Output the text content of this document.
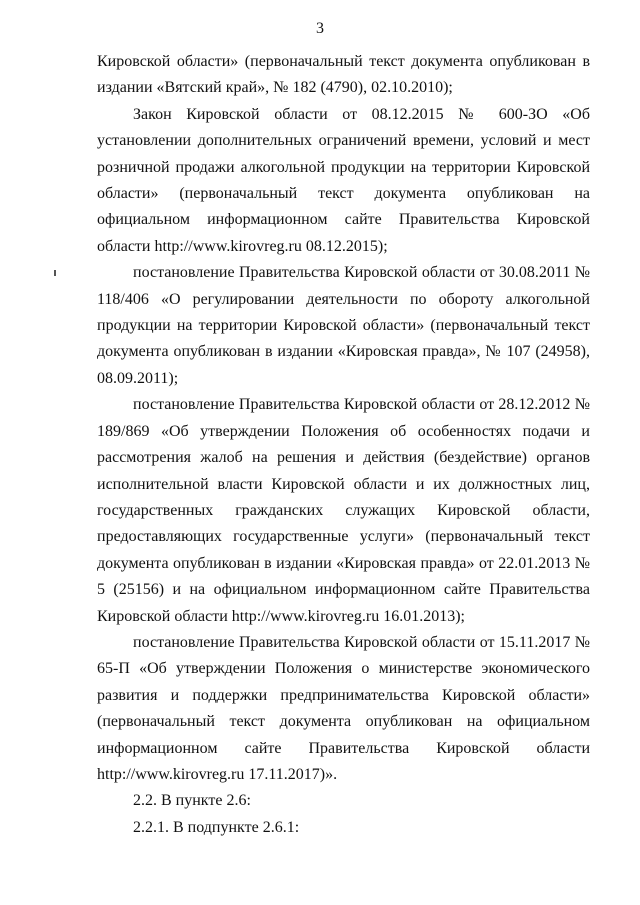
3

Кировской области» (первоначальный текст документа опубликован в издании «Вятский край», № 182 (4790), 02.10.2010);

Закон Кировской области от 08.12.2015 № 600-ЗО «Об установлении дополнительных ограничений времени, условий и мест розничной продажи алкогольной продукции на территории Кировской области» (первоначальный текст документа опубликован на официальном информационном сайте Правительства Кировской области http://www.kirovreg.ru 08.12.2015);

постановление Правительства Кировской области от 30.08.2011 № 118/406 «О регулировании деятельности по обороту алкогольной продукции на территории Кировской области» (первоначальный текст документа опубликован в издании «Кировская правда», № 107 (24958), 08.09.2011);

постановление Правительства Кировской области от 28.12.2012 № 189/869 «Об утверждении Положения об особенностях подачи и рассмотрения жалоб на решения и действия (бездействие) органов исполнительной власти Кировской области и их должностных лиц, государственных гражданских служащих Кировской области, предоставляющих государственные услуги» (первоначальный текст документа опубликован в издании «Кировская правда» от 22.01.2013 № 5 (25156) и на официальном информационном сайте Правительства Кировской области http://www.kirovreg.ru 16.01.2013);

постановление Правительства Кировской области от 15.11.2017 № 65-П «Об утверждении Положения о министерстве экономического развития и поддержки предпринимательства Кировской области» (первоначальный текст документа опубликован на официальном информационном сайте Правительства Кировской области http://www.kirovreg.ru 17.11.2017)».

2.2. В пункте 2.6:

2.2.1. В подпункте 2.6.1:
